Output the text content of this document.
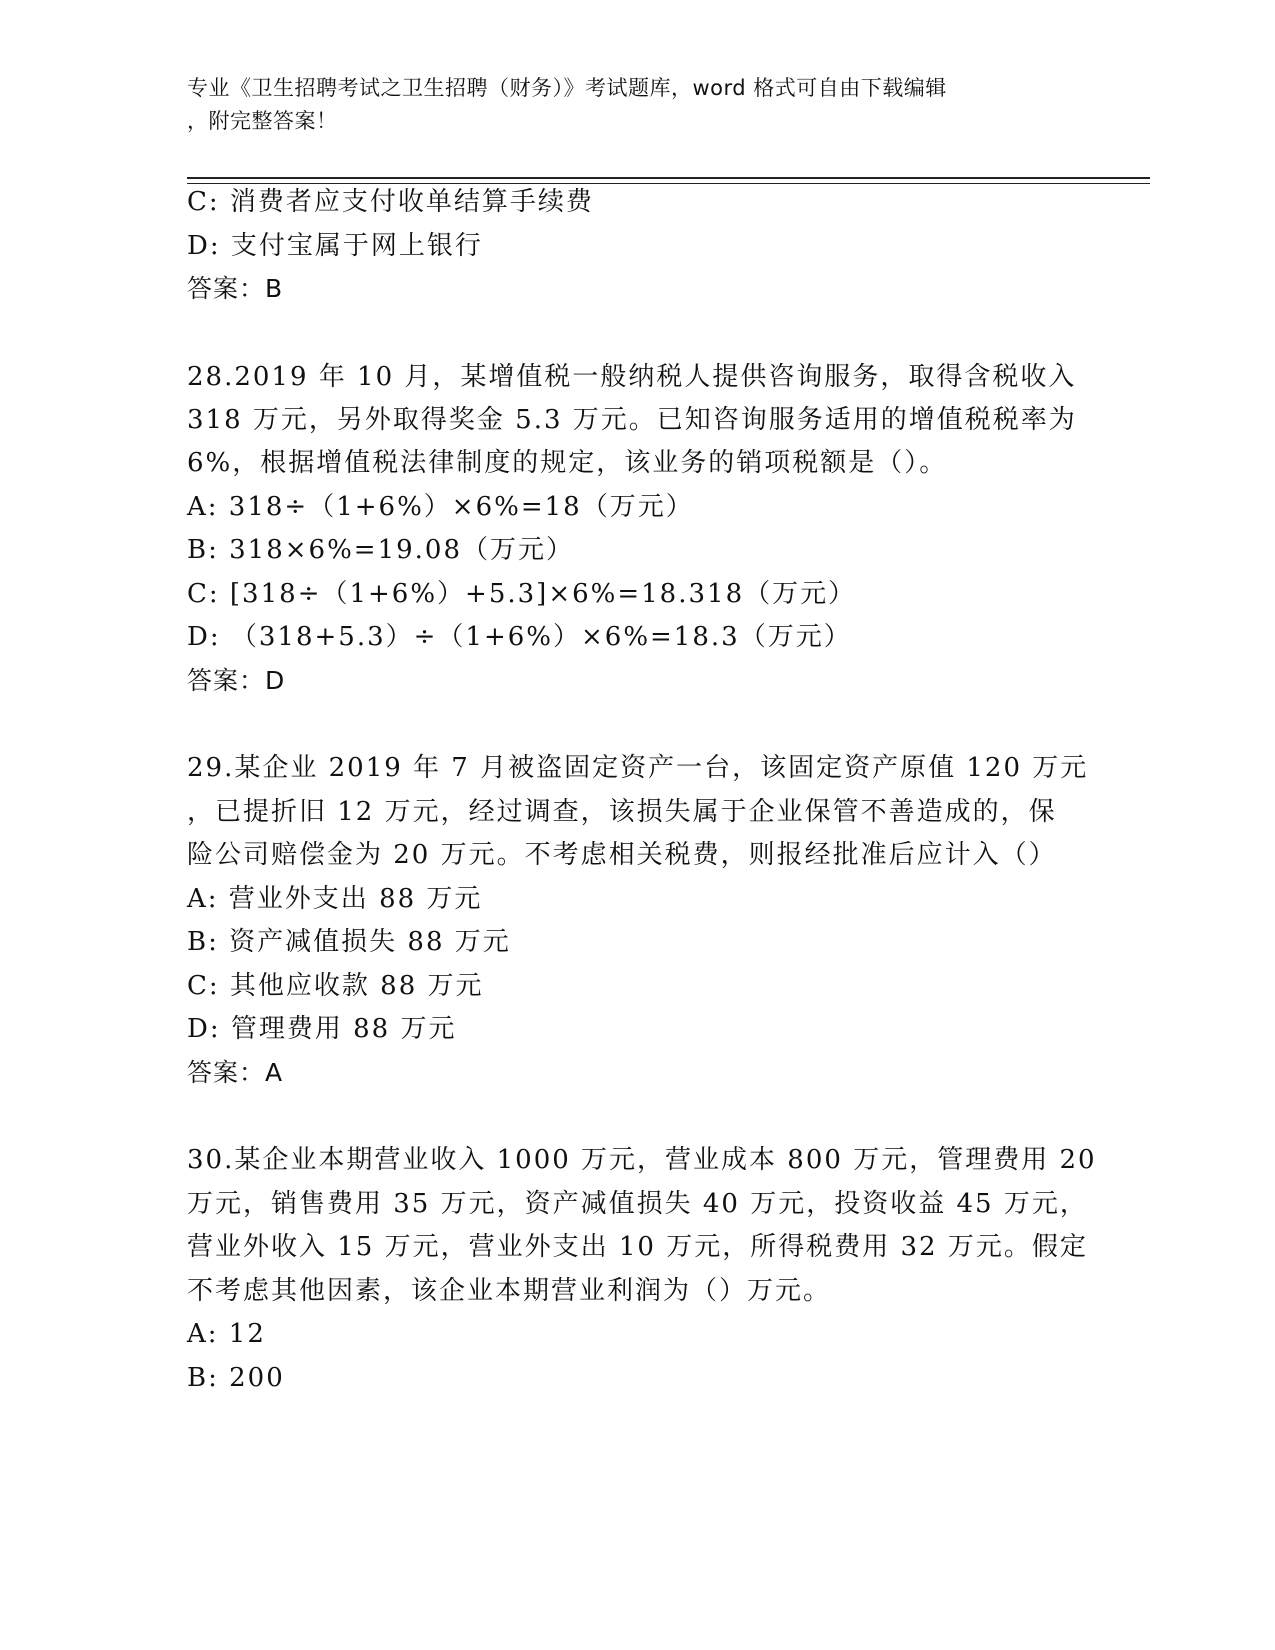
专业《卫生招聘考试之卫生招聘（财务）》考试题库，word 格式可自由下载编辑
，附完整答案！
C: 消费者应支付收单结算手续费
D: 支付宝属于网上银行
答案：B
28.2019 年 10 月，某增值税一般纳税人提供咨询服务，取得含税收入
318 万元，另外取得奖金 5.3 万元。已知咨询服务适用的增值税税率为
6%，根据增值税法律制度的规定，该业务的销项税额是（）。
A: 318÷（1+6%）×6%=18（万元）
B: 318×6%=19.08（万元）
C: [318÷（1+6%）+5.3]×6%=18.318（万元）
D: （318+5.3）÷（1+6%）×6%=18.3（万元）
答案：D
29.某企业 2019 年 7 月被盗固定资产一台，该固定资产原值 120 万元
，已提折旧 12 万元，经过调查，该损失属于企业保管不善造成的，保
险公司赔偿金为 20 万元。不考虑相关税费，则报经批准后应计入（）
A: 营业外支出 88 万元
B: 资产减值损失 88 万元
C: 其他应收款 88 万元
D: 管理费用 88 万元
答案：A
30.某企业本期营业收入 1000 万元，营业成本 800 万元，管理费用 20
万元，销售费用 35 万元，资产减值损失 40 万元，投资收益 45 万元，
营业外收入 15 万元，营业外支出 10 万元，所得税费用 32 万元。假定
不考虑其他因素，该企业本期营业利润为（）万元。
A: 12
B: 200
